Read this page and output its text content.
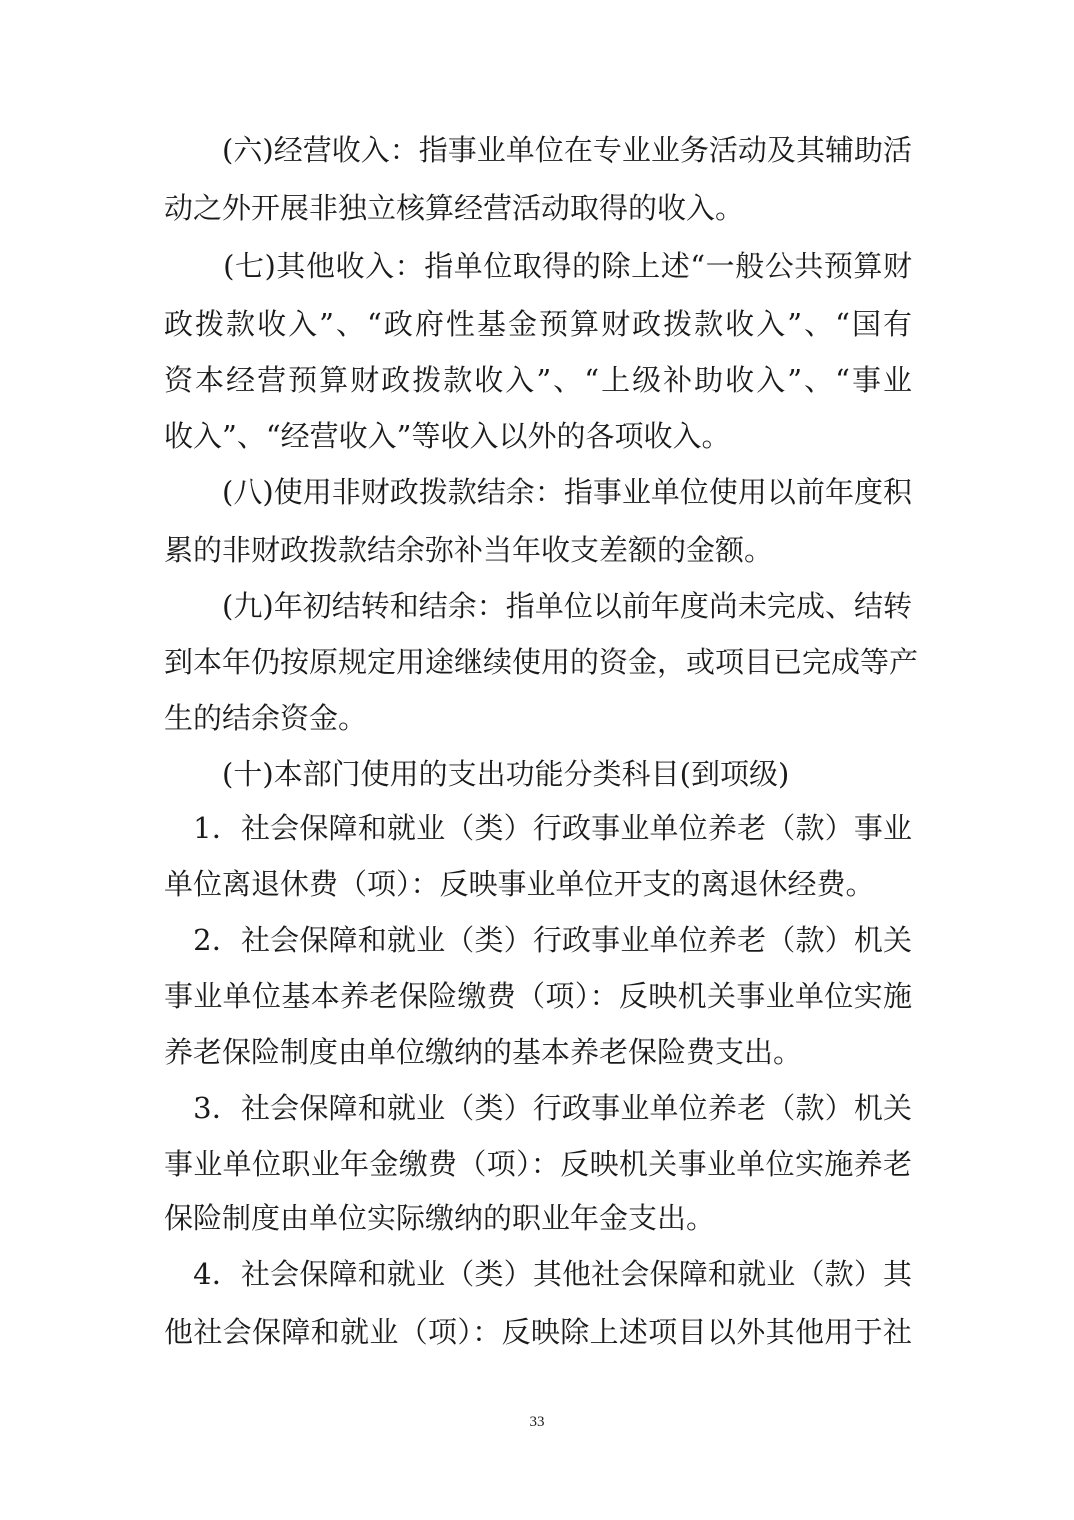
　　(六)经营收入：指事业单位在专业业务活动及其辅助活
动之外开展非独立核算经营活动取得的收入。
　　(七)其他收入：指单位取得的除上述“一般公共预算财
政拨款收入”、“政府性基金预算财政拨款收入”、“国有
资本经营预算财政拨款收入”、“上级补助收入”、“事业
收入”、“经营收入”等收入以外的各项收入。
　　(八)使用非财政拨款结余：指事业单位使用以前年度积
累的非财政拨款结余弥补当年收支差额的金额。
　　(九)年初结转和结余：指单位以前年度尚未完成、结转
到本年仍按原规定用途继续使用的资金，或项目已完成等产
生的结余资金。
　　(十)本部门使用的支出功能分类科目(到项级)
　1．社会保障和就业（类）行政事业单位养老（款）事业
单位离退休费（项）：反映事业单位开支的离退休经费。
　2．社会保障和就业（类）行政事业单位养老（款）机关
事业单位基本养老保险缴费（项）：反映机关事业单位实施
养老保险制度由单位缴纳的基本养老保险费支出。
　3．社会保障和就业（类）行政事业单位养老（款）机关
事业单位职业年金缴费（项）：反映机关事业单位实施养老
保险制度由单位实际缴纳的职业年金支出。
　4．社会保障和就业（类）其他社会保障和就业（款）其
他社会保障和就业（项）：反映除上述项目以外其他用于社
33
